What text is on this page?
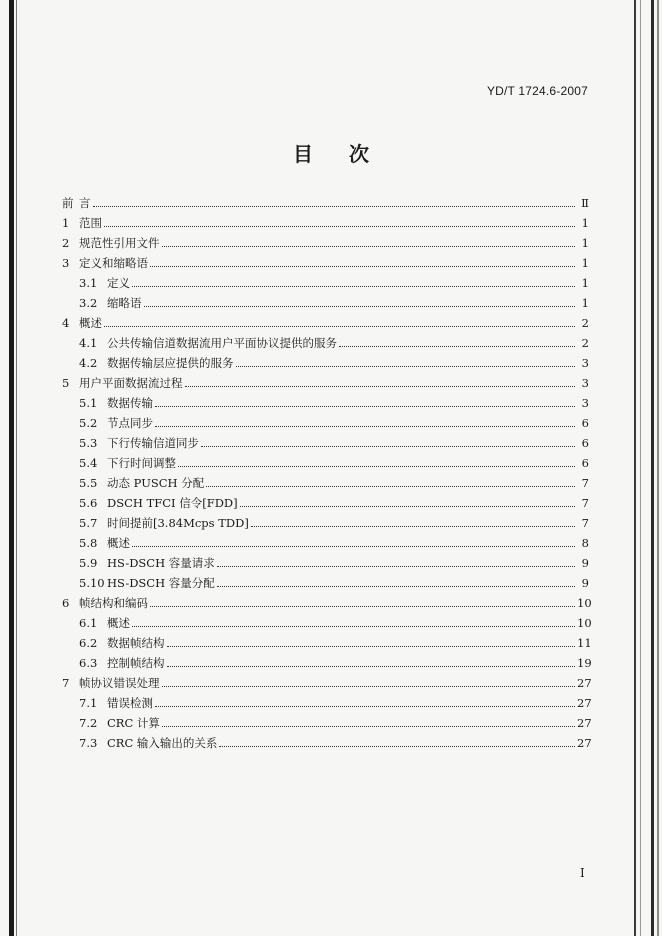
YD/T 1724.6-2007
目 次
前 言	Ⅱ
1 范围	1
2 规范性引用文件	1
3 定义和缩略语	1
3.1 定义	1
3.2 缩略语	1
4 概述	2
4.1 公共传输信道数据流用户平面协议提供的服务	2
4.2 数据传输层应提供的服务	3
5 用户平面数据流过程	3
5.1 数据传输	3
5.2 节点同步	6
5.3 下行传输信道同步	6
5.4 下行时间调整	6
5.5 动态 PUSCH 分配	7
5.6 DSCH TFCI 信令[FDD]	7
5.7 时间提前[3.84Mcps TDD]	7
5.8 概述	8
5.9 HS-DSCH 容量请求	9
5.10 HS-DSCH 容量分配	9
6 帧结构和编码	10
6.1 概述	10
6.2 数据帧结构	11
6.3 控制帧结构	19
7 帧协议错误处理	27
7.1 错误检测	27
7.2 CRC 计算	27
7.3 CRC 输入输出的关系	27
I
